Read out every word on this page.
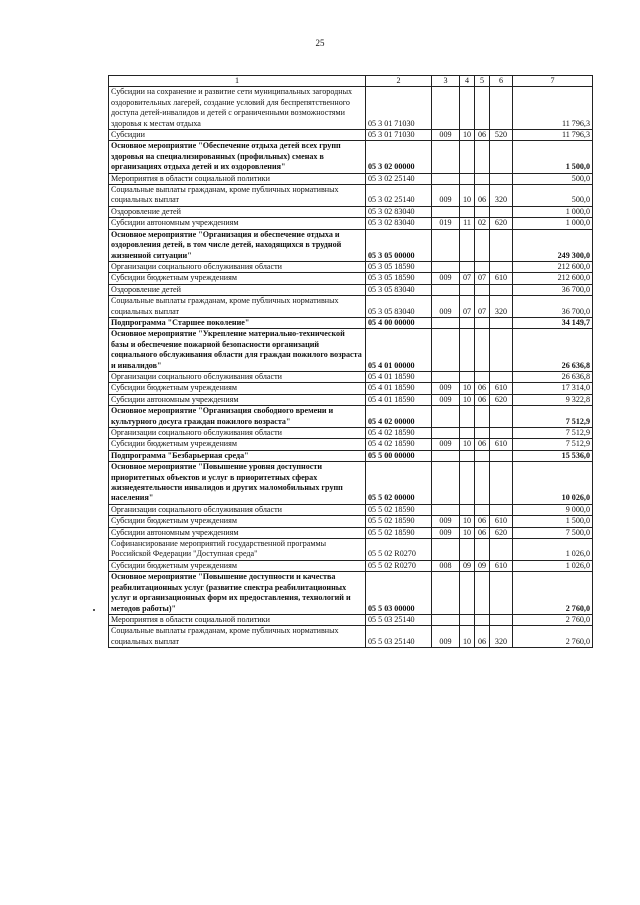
25
1	2	3	4	5	6	7
Субсидии на сохранение и развитие сети муниципальных загородных оздоровительных лагерей, создание условий для беспрепятственного доступа детей-инвалидов и детей с ограниченными возможностями здоровья к местам отдыха	05 3 01 71030					11 796,3
Субсидии	05 3 01 71030	009	10	06	520	11 796,3
Основное мероприятие "Обеспечение отдыха детей всех групп здоровья на специализированных (профильных) сменах в организациях отдыха детей и их оздоровления"	05 3 02 00000					1 500,0
Мероприятия в области социальной политики	05 3 02 25140					500,0
Социальные выплаты гражданам, кроме публичных нормативных социальных выплат	05 3 02 25140	009	10	06	320	500,0
Оздоровление детей	05 3 02 83040					1 000,0
Субсидии автономным учреждениям	05 3 02 83040	019	11	02	620	1 000,0
Основное мероприятие "Организация и обеспечение отдыха и оздоровления детей, в том числе детей, находящихся в трудной жизненной ситуации"	05 3 05 00000					249 300,0
Организации социального обслуживания области	05 3 05 18590					212 600,0
Субсидии бюджетным учреждениям	05 3 05 18590	009	07	07	610	212 600,0
Оздоровление детей	05 3 05 83040					36 700,0
Социальные выплаты гражданам, кроме публичных нормативных социальных выплат	05 3 05 83040	009	07	07	320	36 700,0
Подпрограмма "Старшее поколение"	05 4 00 00000					34 149,7
Основное мероприятие "Укрепление материально-технической базы и обеспечение пожарной безопасности организаций социального обслуживания области для граждан пожилого возраста и инвалидов"	05 4 01 00000					26 636,8
Организации социального обслуживания области	05 4 01 18590					26 636,8
Субсидии бюджетным учреждениям	05 4 01 18590	009	10	06	610	17 314,0
Субсидии автономным учреждениям	05 4 01 18590	009	10	06	620	9 322,8
Основное мероприятие "Организация свободного времени и культурного досуга граждан пожилого возраста"	05 4 02 00000					7 512,9
Организации социального обслуживания области	05 4 02 18590					7 512,9
Субсидии бюджетным учреждениям	05 4 02 18590	009	10	06	610	7 512,9
Подпрограмма "Безбарьерная среда"	05 5 00 00000					15 536,0
Основное мероприятие "Повышение уровня доступности приоритетных объектов и услуг в приоритетных сферах жизнедеятельности инвалидов и других маломобильных групп населения"	05 5 02 00000					10 026,0
Организации социального обслуживания области	05 5 02 18590					9 000,0
Субсидии бюджетным учреждениям	05 5 02 18590	009	10	06	610	1 500,0
Субсидии автономным учреждениям	05 5 02 18590	009	10	06	620	7 500,0
Софинансирование мероприятий государственной программы Российской Федерации "Доступная среда"	05 5 02 R0270					1 026,0
Субсидии бюджетным учреждениям	05 5 02 R0270	008	09	09	610	1 026,0
Основное мероприятие "Повышение доступности и качества реабилитационных услуг (развитие спектра реабилитационных услуг и организационных форм их предоставления, технологий и методов работы)"	05 5 03 00000					2 760,0
Мероприятия в области социальной политики	05 5 03 25140					2 760,0
Социальные выплаты гражданам, кроме публичных нормативных социальных выплат	05 5 03 25140	009	10	06	320	2 760,0
